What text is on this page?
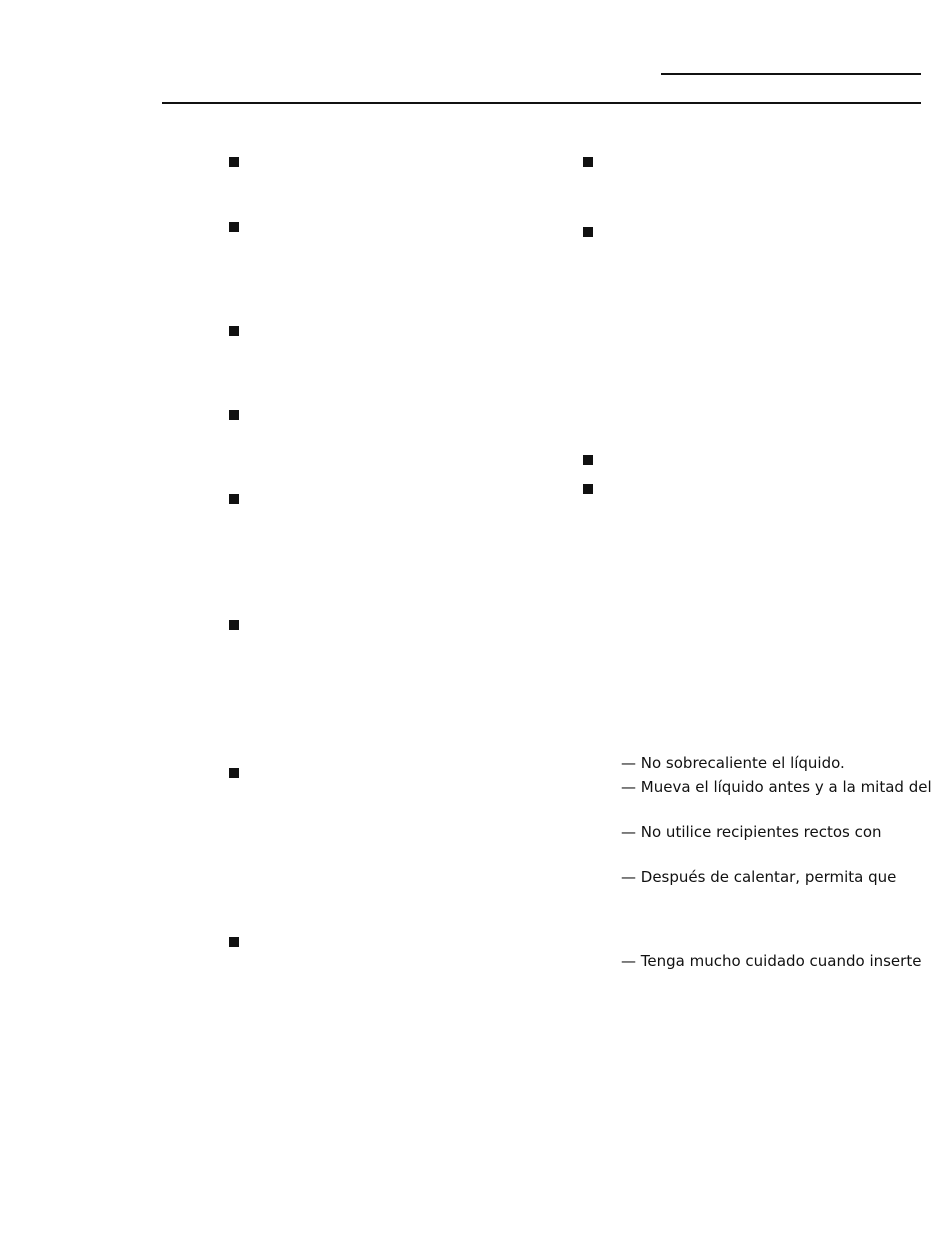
— No sobrecaliente el líquido.
— Mueva el líquido antes y a la mitad del
— No utilice recipientes rectos con
— Después de calentar, permita que
— Tenga mucho cuidado cuando inserte
